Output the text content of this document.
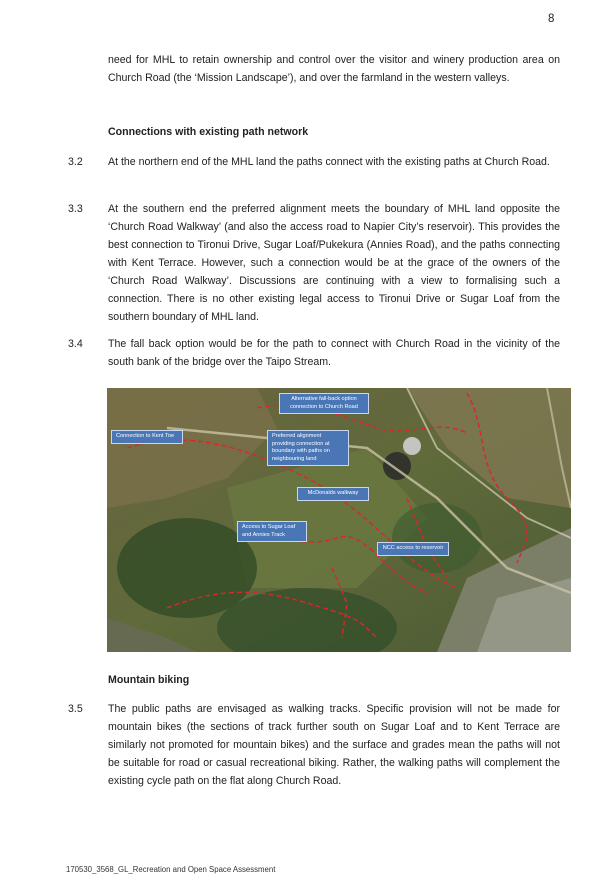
8

need for MHL to retain ownership and control over the visitor and winery production area on Church Road (the ‘Mission Landscape’), and over the farmland in the western valleys.

Connections with existing path network
3.2 At the northern end of the MHL land the paths connect with the existing paths at Church Road.

3.3 At the southern end the preferred alignment meets the boundary of MHL land opposite the ‘Church Road Walkway’ (and also the access road to Napier City’s reservoir). This provides the best connection to Tironui Drive, Sugar Loaf/Pukekura (Annies Road), and the paths connecting with Kent Terrace. However, such a connection would be at the grace of the owners of the ‘Church Road Walkway’. Discussions are continuing with a view to formalising such a connection. There is no other existing legal access to Tironui Drive or Sugar Loaf from the southern boundary of MHL land.

3.4 The fall back option would be for the path to connect with Church Road in the vicinity of the south bank of the bridge over the Taipo Stream.

Alternative fall-back option connection to Church Road
Connection to Kent Toe	Preferred alignment providing connection at boundary with paths on neighbouring land
McDonalds walkway
Access to Sugar Loaf and Annies Track
NCC access to reservoir
Mountain biking
3.5 The public paths are envisaged as walking tracks. Specific provision will not be made for mountain bikes (the sections of track further south on Sugar Loaf and to Kent Terrace are similarly not promoted for mountain bikes) and the surface and grades mean the paths will not be suitable for road or casual recreational biking. Rather, the walking paths will complement the existing cycle path on the flat along Church Road.

170530_3568_GL_Recreation and Open Space Assessment
